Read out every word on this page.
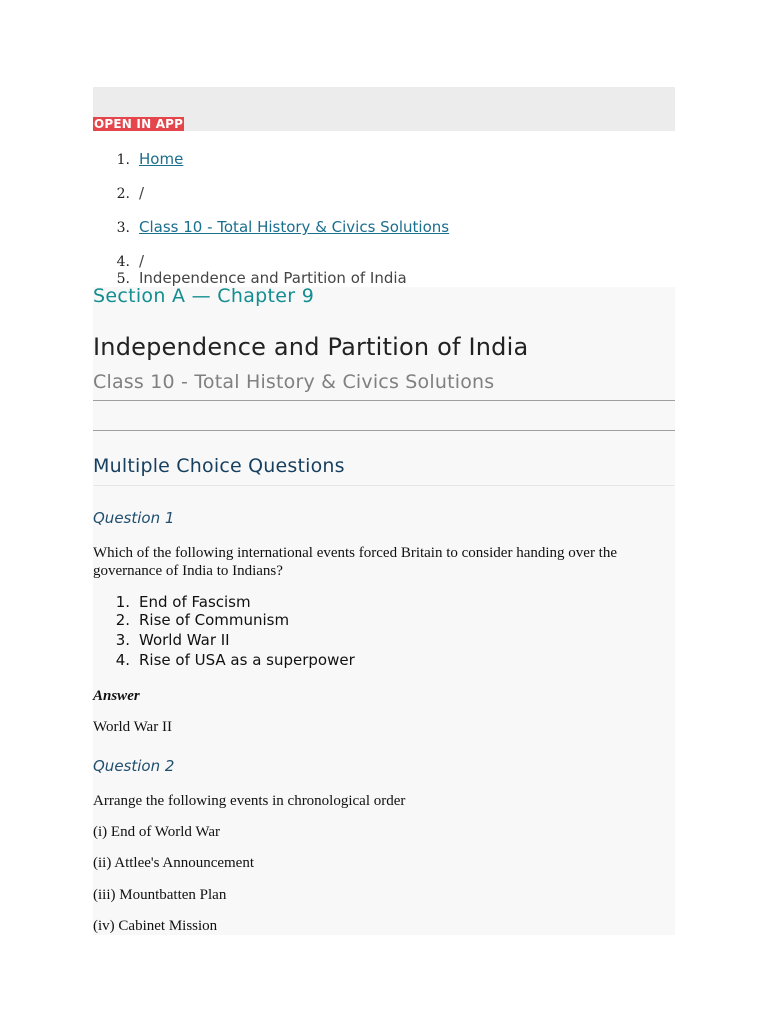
OPEN IN APP
1. Home
2. /
3. Class 10 - Total History & Civics Solutions
4. /
5. Independence and Partition of India
Section A — Chapter 9
Independence and Partition of India
Class 10 - Total History & Civics Solutions
Multiple Choice Questions
Question 1
Which of the following international events forced Britain to consider handing over the governance of India to Indians?
1. End of Fascism
2. Rise of Communism
3. World War II
4. Rise of USA as a superpower
Answer
World War II
Question 2
Arrange the following events in chronological order
(i) End of World War
(ii) Attlee's Announcement
(iii) Mountbatten Plan
(iv) Cabinet Mission
